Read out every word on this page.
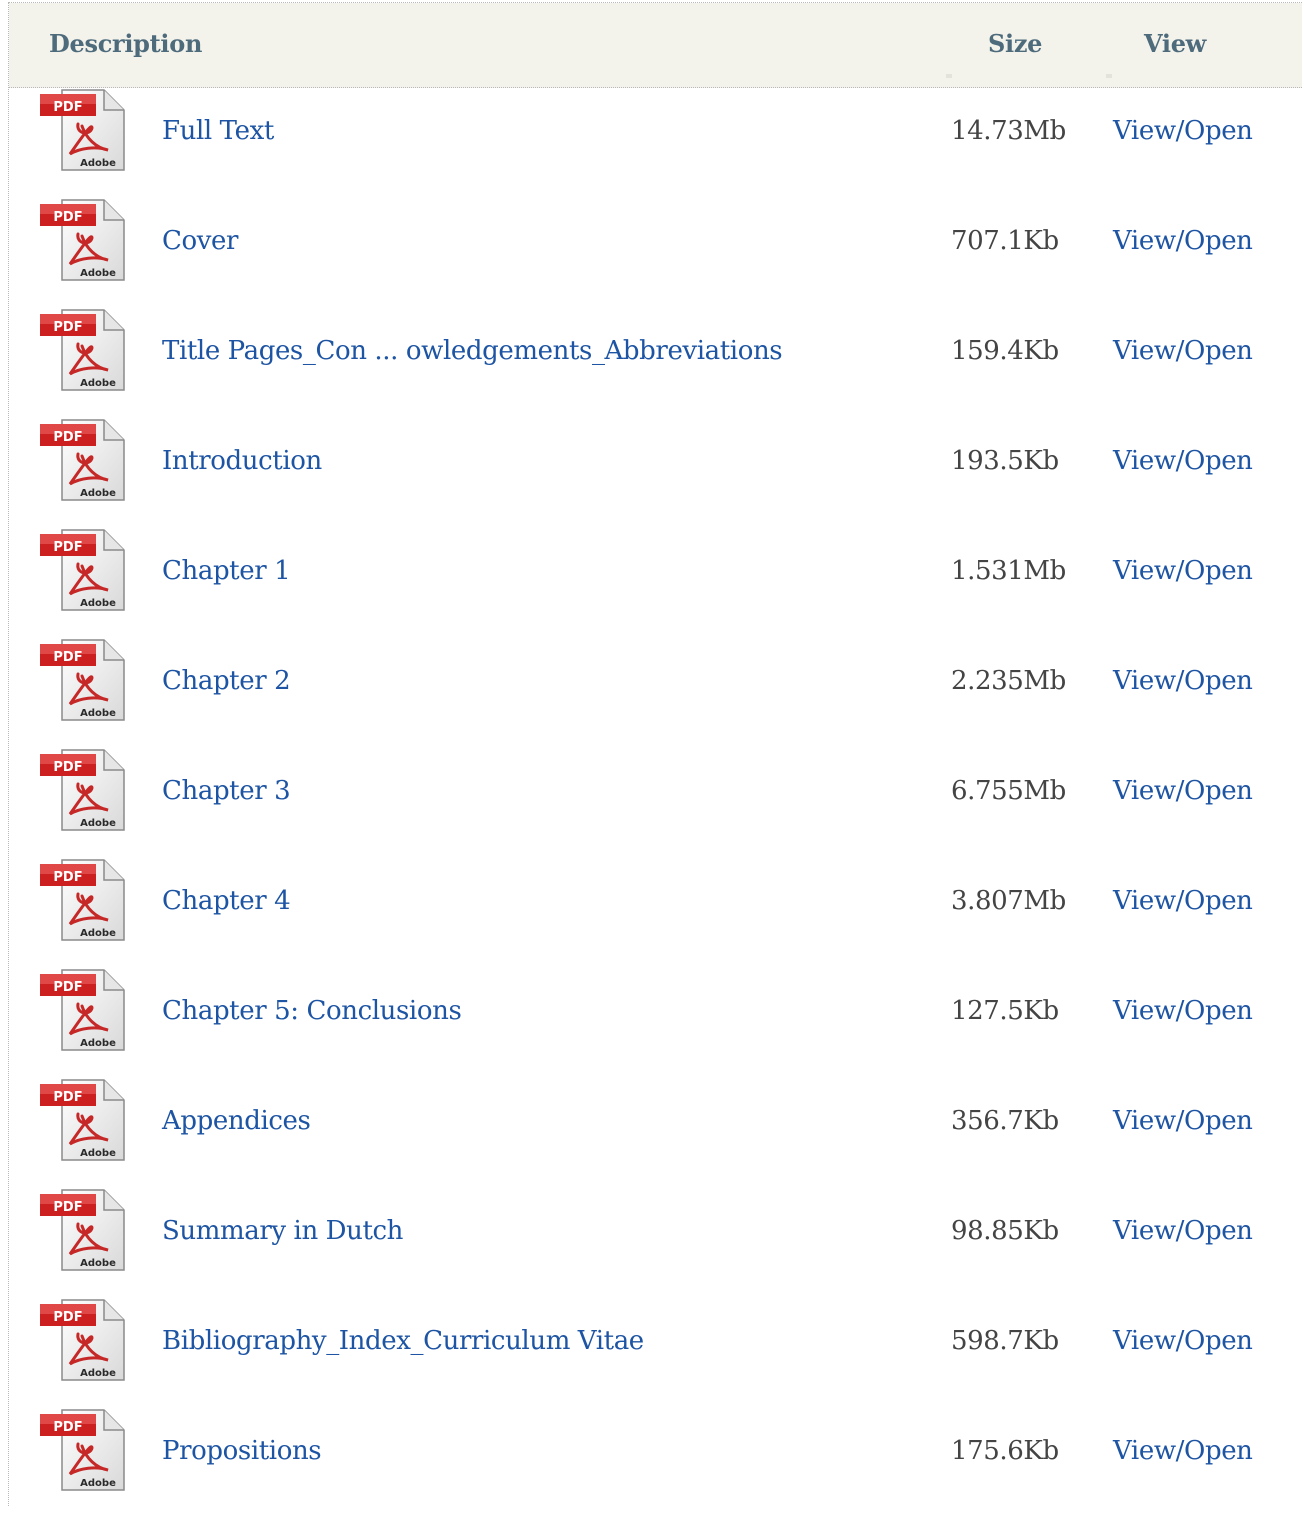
Description	Size	View
PDF
Adobe
Full Text	14.73Mb View/Open
PDF
Adobe
Cover	707.1Kb View/Open
PDF
Adobe
Title Pages_Con ... owledgements_Abbreviations	159.4Kb View/Open
PDF
Adobe
Introduction	193.5Kb View/Open
PDF
Adobe
Chapter 1	1.531Mb View/Open
PDF
Adobe
Chapter 2	2.235Mb View/Open
PDF
Adobe
Chapter 3	6.755Mb View/Open
PDF
Adobe
Chapter 4	3.807Mb View/Open
PDF
Adobe
Chapter 5: Conclusions	127.5Kb View/Open
PDF
Adobe
Appendices	356.7Kb View/Open
PDF
Adobe
Summary in Dutch	98.85Kb View/Open
PDF
Adobe
Bibliography_Index_Curriculum Vitae	598.7Kb View/Open
PDF
Adobe
Propositions	175.6Kb View/Open
